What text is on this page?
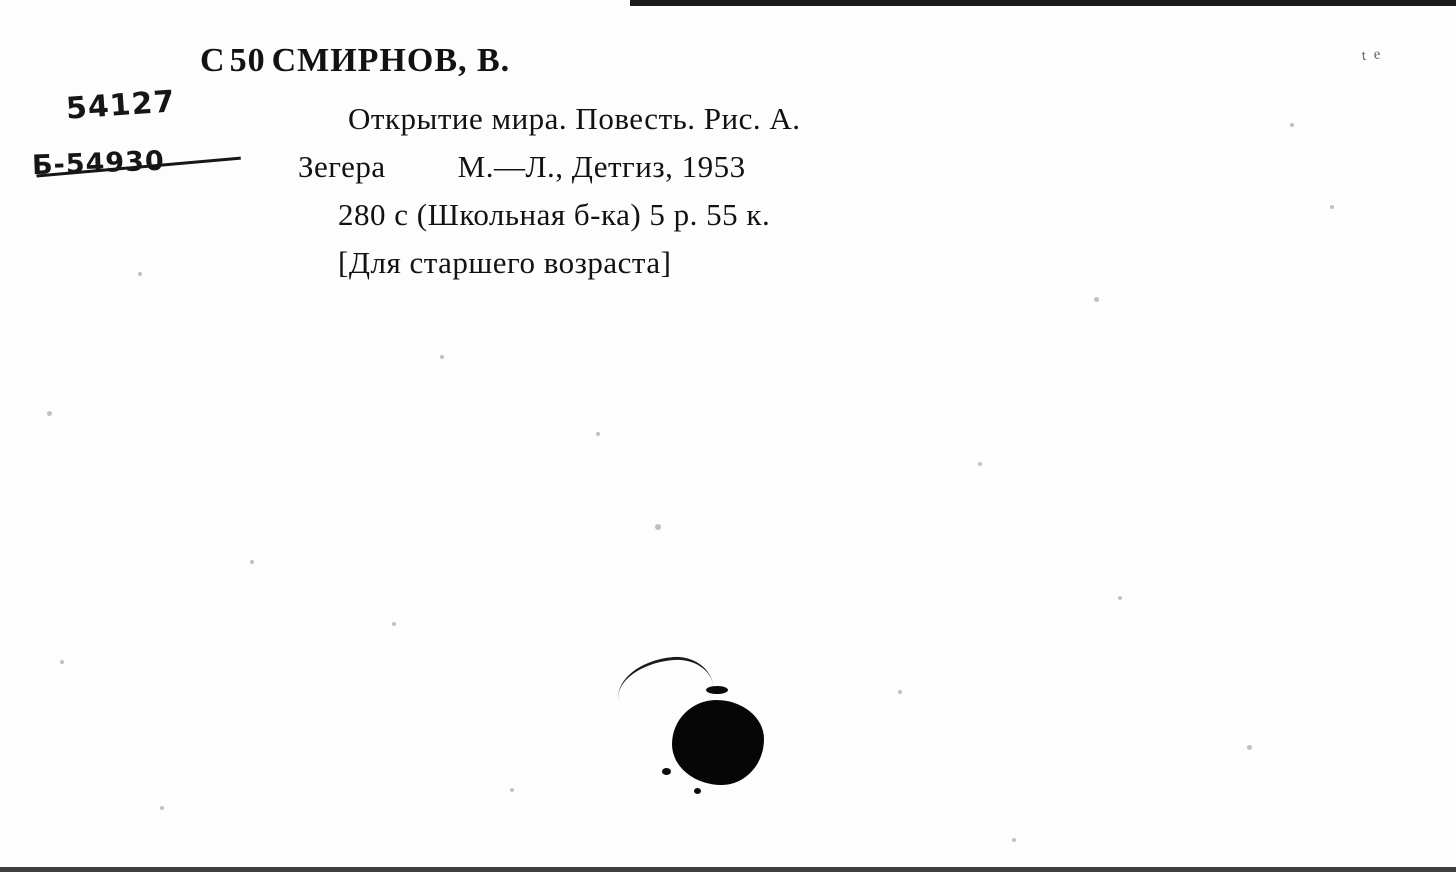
t e
С 50 СМИРНОВ, В.
Открытие мира. Повесть. Рис. А.
Зегера М.—Л., Детгиз, 1953
280 с (Школьная б-ка) 5 р. 55 к.
[Для старшего возраста]
54127
Б-54930
